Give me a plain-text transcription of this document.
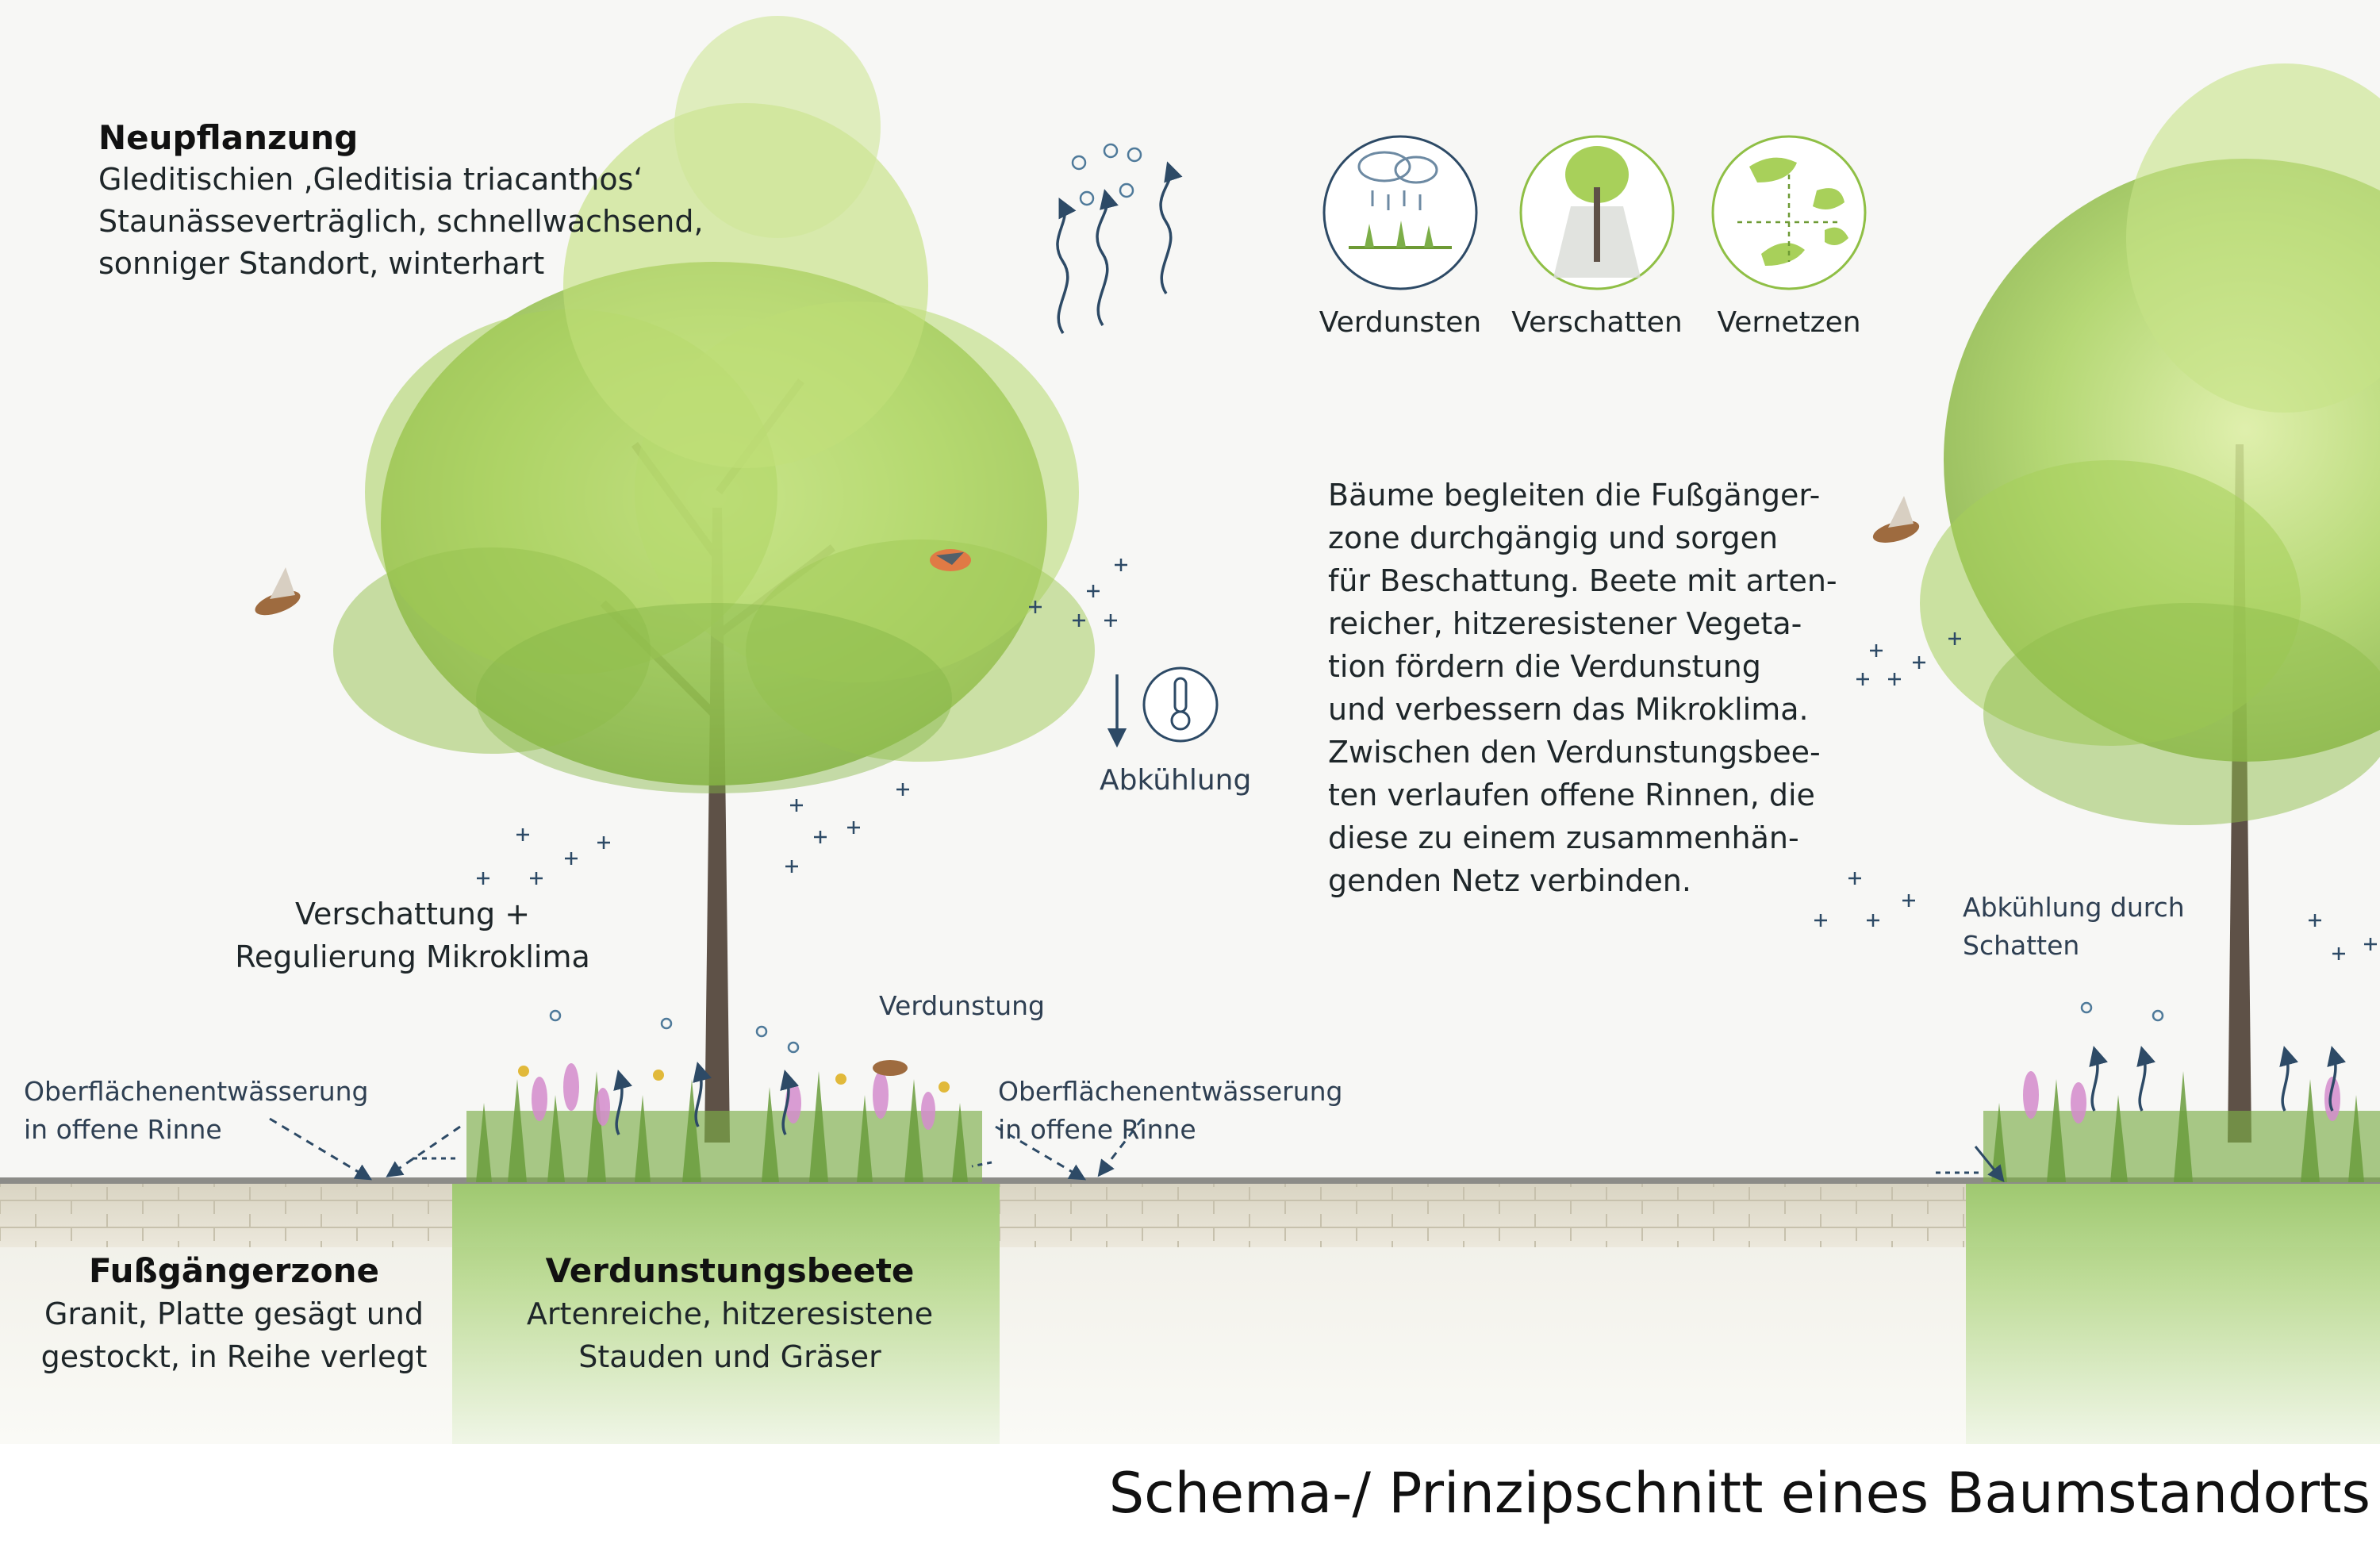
Neupflanzung
Gleditischien ‚Gleditisia triacanthos‘
Staunässeverträglich, schnellwachsend,
sonniger Standort, winterhart
Verdunsten	Verschatten	Vernetzen
Bäume begleiten die Fußgänger-
zone durchgängig und sorgen
für Beschattung. Beete mit arten-
reicher, hitzeresistener Vegeta-
tion fördern die Verdunstung
und verbessern das Mikroklima.
Zwischen den Verdunstungsbee-
ten verlaufen offene Rinnen, die
diese zu einem zusammenhän-
genden Netz verbinden.
Abkühlung
Verschattung +
Regulierung Mikroklima
Verdunstung
Oberflächenentwässerung
in offene Rinne
Oberflächenentwässerung
in offene Rinne
Abkühlung durch
Schatten
Fußgängerzone
Granit, Platte gesägt und
gestockt, in Reihe verlegt
Verdunstungsbeete
Artenreiche, hitzeresistene
Stauden und Gräser
Schema-/ Prinzipschnitt eines Baumstandorts
